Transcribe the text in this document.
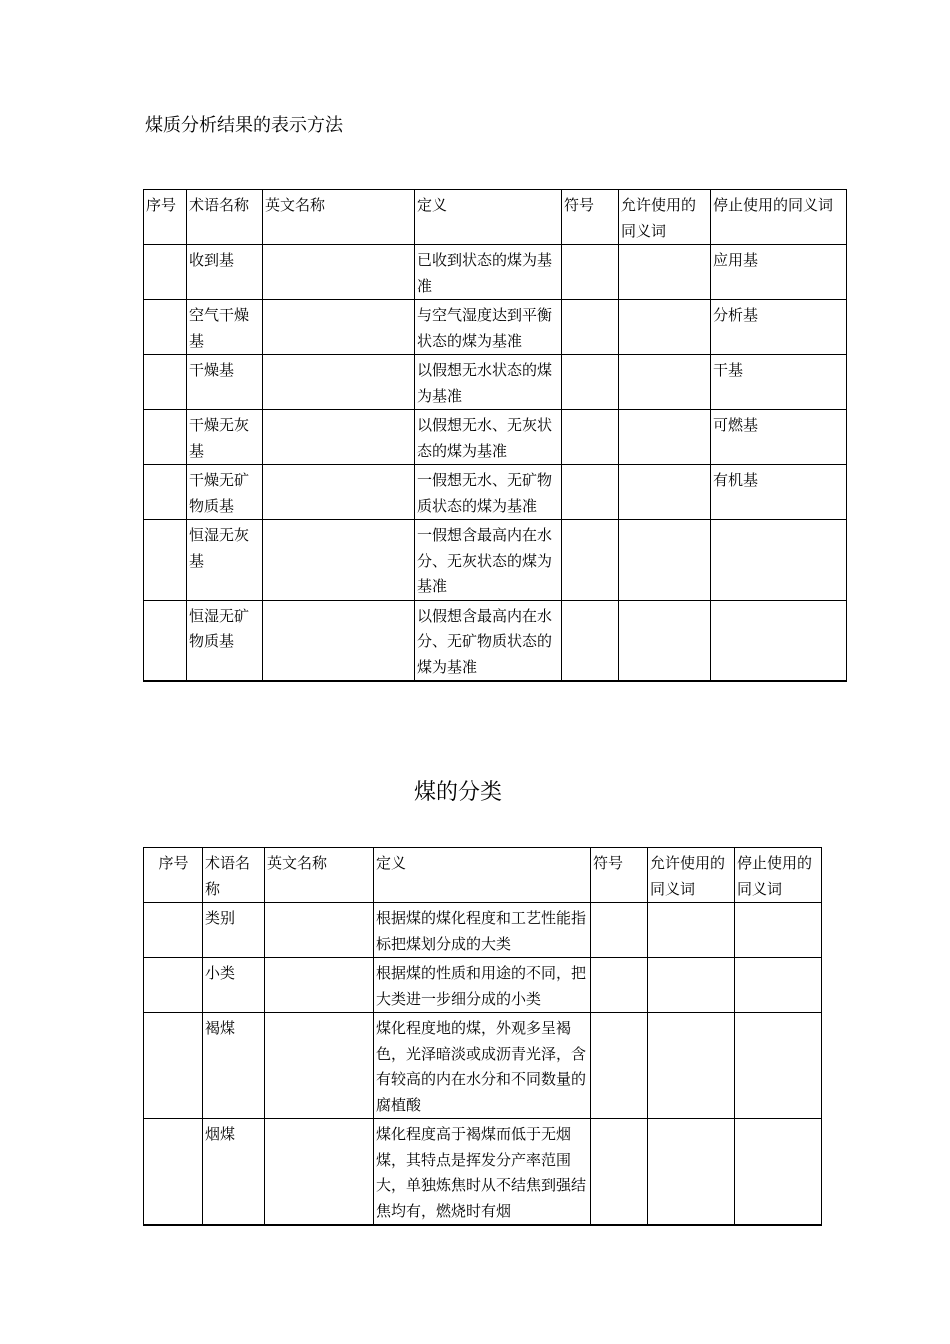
煤质分析结果的表示方法
序号	术语名称	英文名称	定义	符号	允许使用的同义词	停止使用的同义词
	收到基		已收到状态的煤为基准			应用基
	空气干燥基		与空气湿度达到平衡状态的煤为基准			分析基
	干燥基		以假想无水状态的煤为基准			干基
	干燥无灰基		以假想无水、无灰状态的煤为基准			可燃基
	干燥无矿物质基		一假想无水、无矿物质状态的煤为基准			有机基
	恒湿无灰基		一假想含最高内在水分、无灰状态的煤为基准			
	恒湿无矿物质基		以假想含最高内在水分、无矿物质状态的煤为基准			
煤的分类
序号	术语名称	英文名称	定义	符号	允许使用的同义词	停止使用的同义词
	类别		根据煤的煤化程度和工艺性能指标把煤划分成的大类			
	小类		根据煤的性质和用途的不同，把大类进一步细分成的小类			
	褐煤		煤化程度地的煤，外观多呈褐色，光泽暗淡或成沥青光泽，含有较高的内在水分和不同数量的腐植酸			
	烟煤		煤化程度高于褐煤而低于无烟煤，其特点是挥发分产率范围大，单独炼焦时从不结焦到强结焦均有，燃烧时有烟			
